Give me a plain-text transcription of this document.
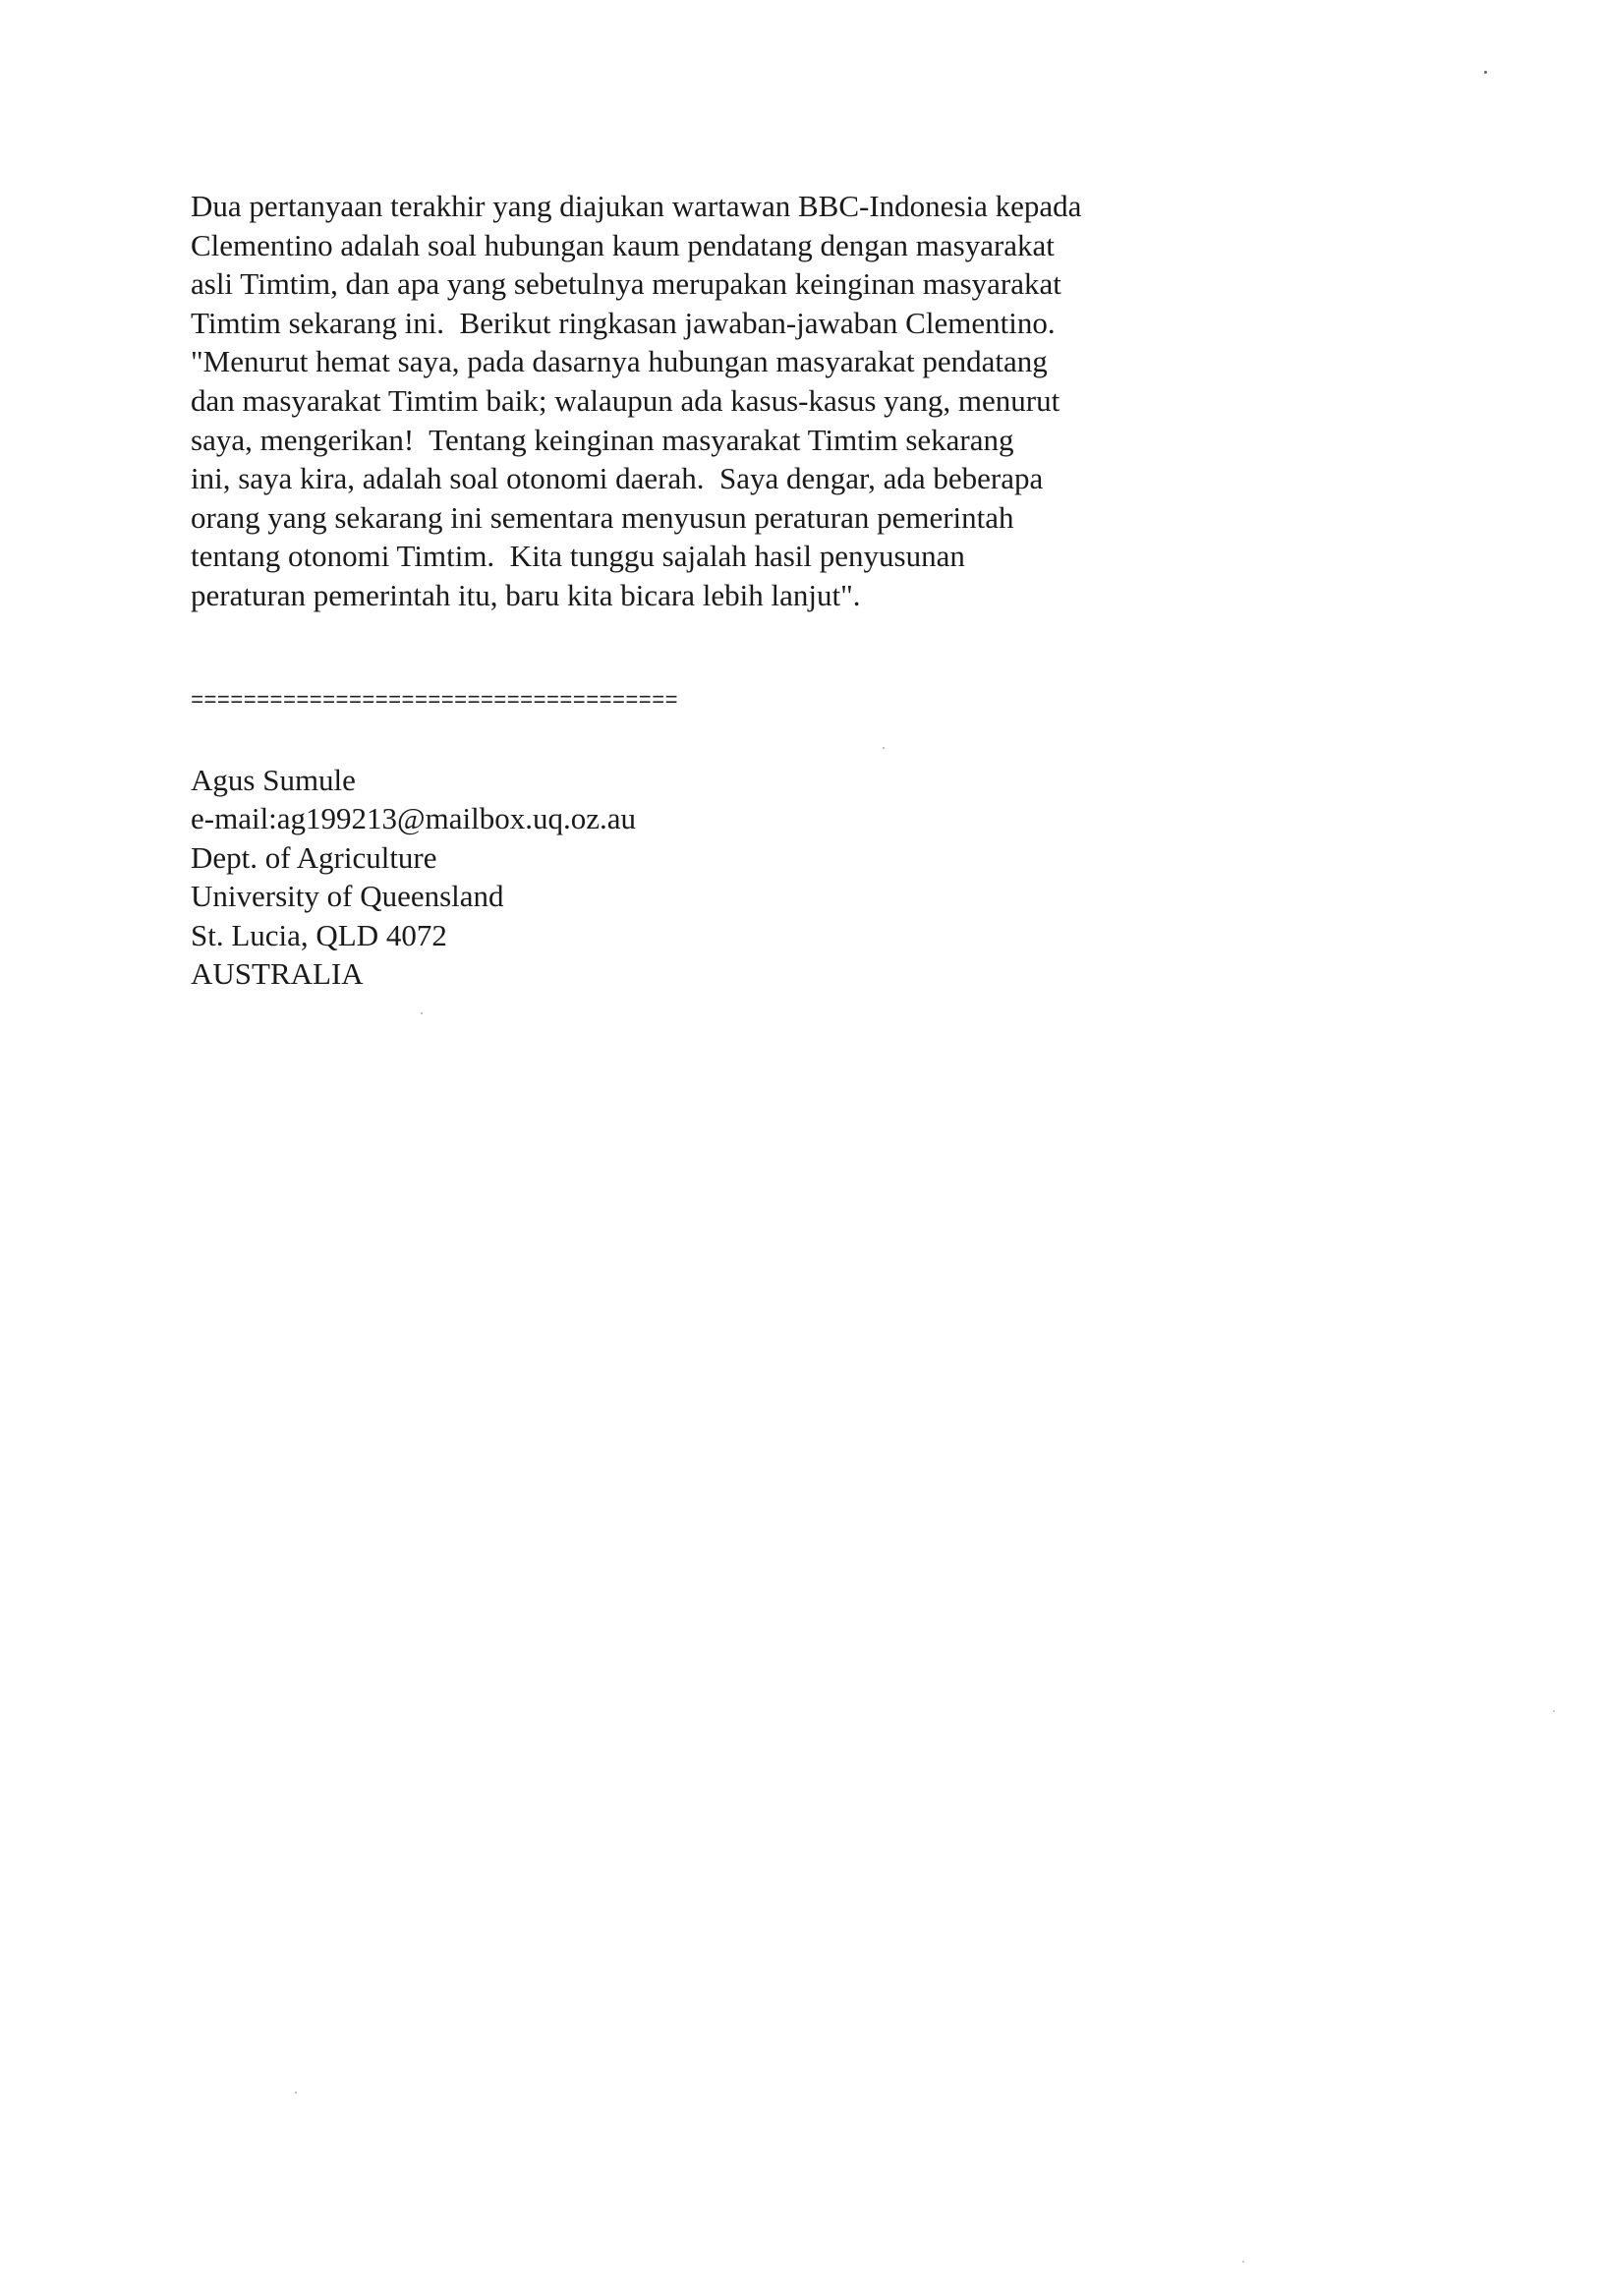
Dua pertanyaan terakhir yang diajukan wartawan BBC-Indonesia kepada
Clementino adalah soal hubungan kaum pendatang dengan masyarakat
asli Timtim, dan apa yang sebetulnya merupakan keinginan masyarakat
Timtim sekarang ini.  Berikut ringkasan jawaban-jawaban Clementino.
"Menurut hemat saya, pada dasarnya hubungan masyarakat pendatang
dan masyarakat Timtim baik; walaupun ada kasus-kasus yang, menurut
saya, mengerikan!  Tentang keinginan masyarakat Timtim sekarang
ini, saya kira, adalah soal otonomi daerah.  Saya dengar, ada beberapa
orang yang sekarang ini sementara menyusun peraturan pemerintah
tentang otonomi Timtim.  Kita tunggu sajalah hasil penyusunan
peraturan pemerintah itu, baru kita bicara lebih lanjut".
=====================================
Agus Sumule
e-mail:ag199213@mailbox.uq.oz.au
Dept. of Agriculture
University of Queensland
St. Lucia, QLD 4072
AUSTRALIA
